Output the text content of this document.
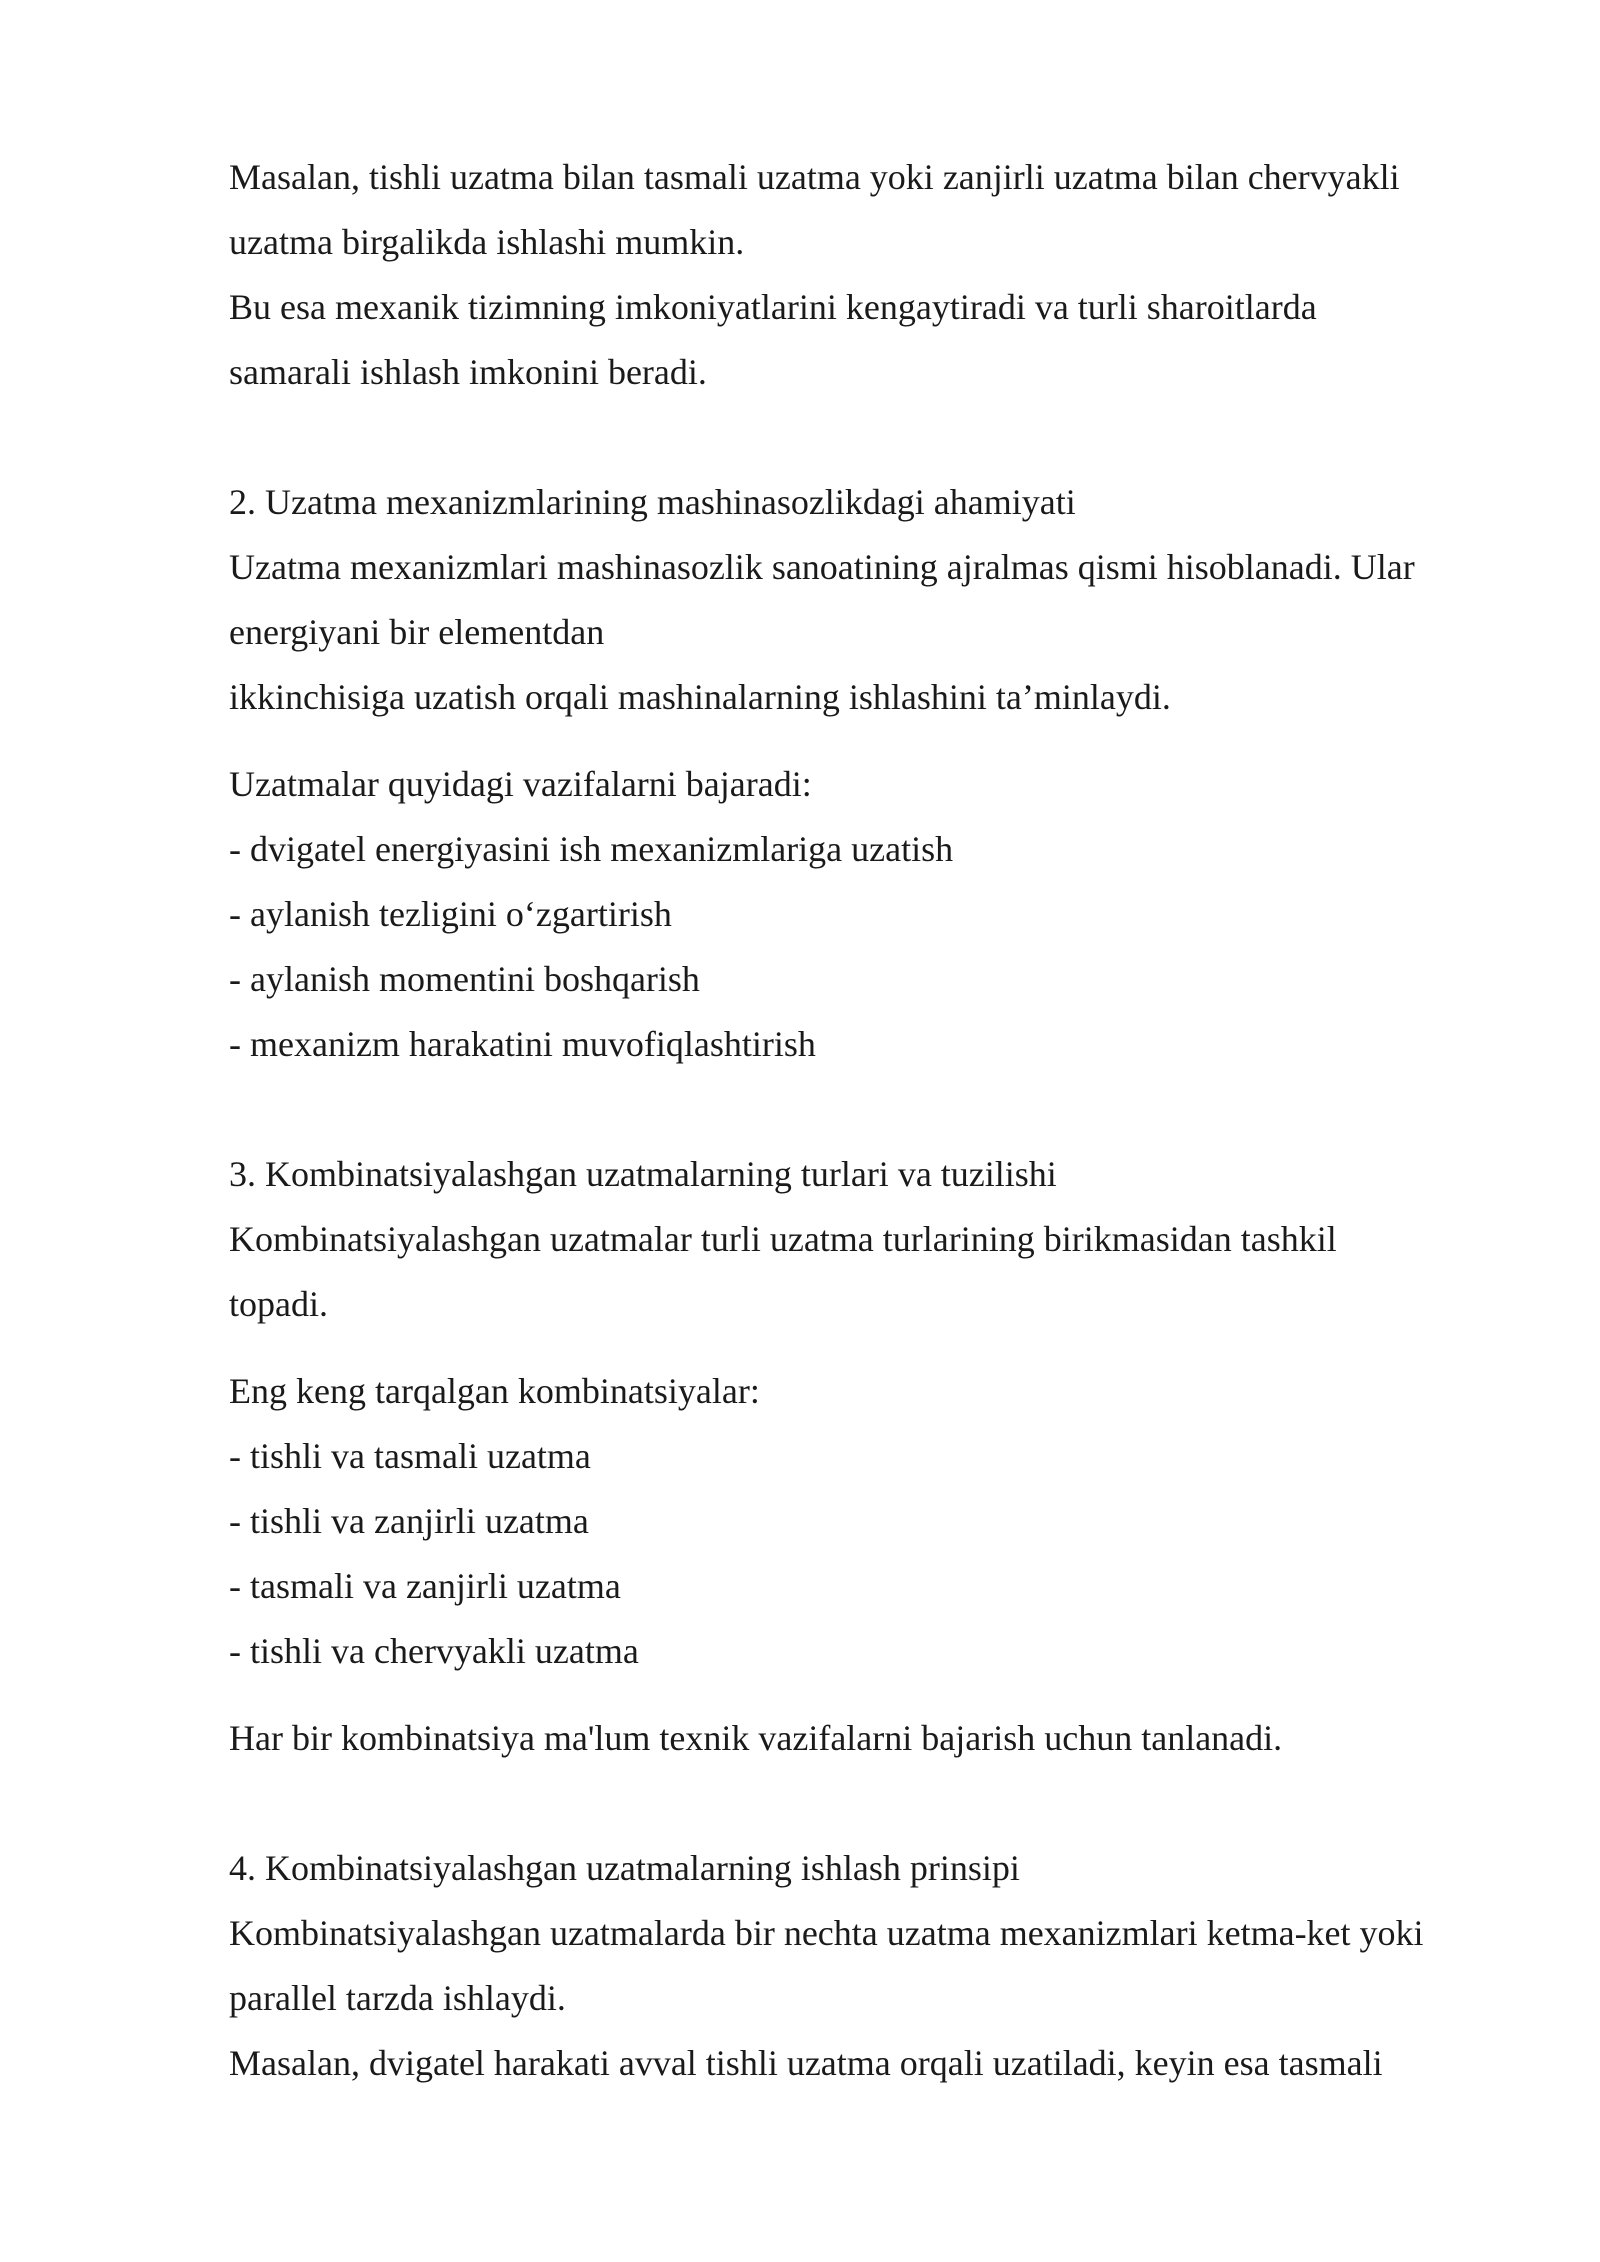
Masalan, tishli uzatma bilan tasmali uzatma yoki zanjirli uzatma bilan chervyakli
uzatma birgalikda ishlashi mumkin.
Bu esa mexanik tizimning imkoniyatlarini kengaytiradi va turli sharoitlarda
samarali ishlash imkonini beradi.
2. Uzatma mexanizmlarining mashinasozlikdagi ahamiyati
Uzatma mexanizmlari mashinasozlik sanoatining ajralmas qismi hisoblanadi. Ular
energiyani bir elementdan
ikkinchisiga uzatish orqali mashinalarning ishlashini ta’minlaydi.
Uzatmalar quyidagi vazifalarni bajaradi:
- dvigatel energiyasini ish mexanizmlariga uzatish
- aylanish tezligini o‘zgartirish
- aylanish momentini boshqarish
- mexanizm harakatini muvofiqlashtirish
3. Kombinatsiyalashgan uzatmalarning turlari va tuzilishi
Kombinatsiyalashgan uzatmalar turli uzatma turlarining birikmasidan tashkil
topadi.
Eng keng tarqalgan kombinatsiyalar:
- tishli va tasmali uzatma
- tishli va zanjirli uzatma
- tasmali va zanjirli uzatma
- tishli va chervyakli uzatma
Har bir kombinatsiya ma'lum texnik vazifalarni bajarish uchun tanlanadi.
4. Kombinatsiyalashgan uzatmalarning ishlash prinsipi
Kombinatsiyalashgan uzatmalarda bir nechta uzatma mexanizmlari ketma-ket yoki
parallel tarzda ishlaydi.
Masalan, dvigatel harakati avval tishli uzatma orqali uzatiladi, keyin esa tasmali
